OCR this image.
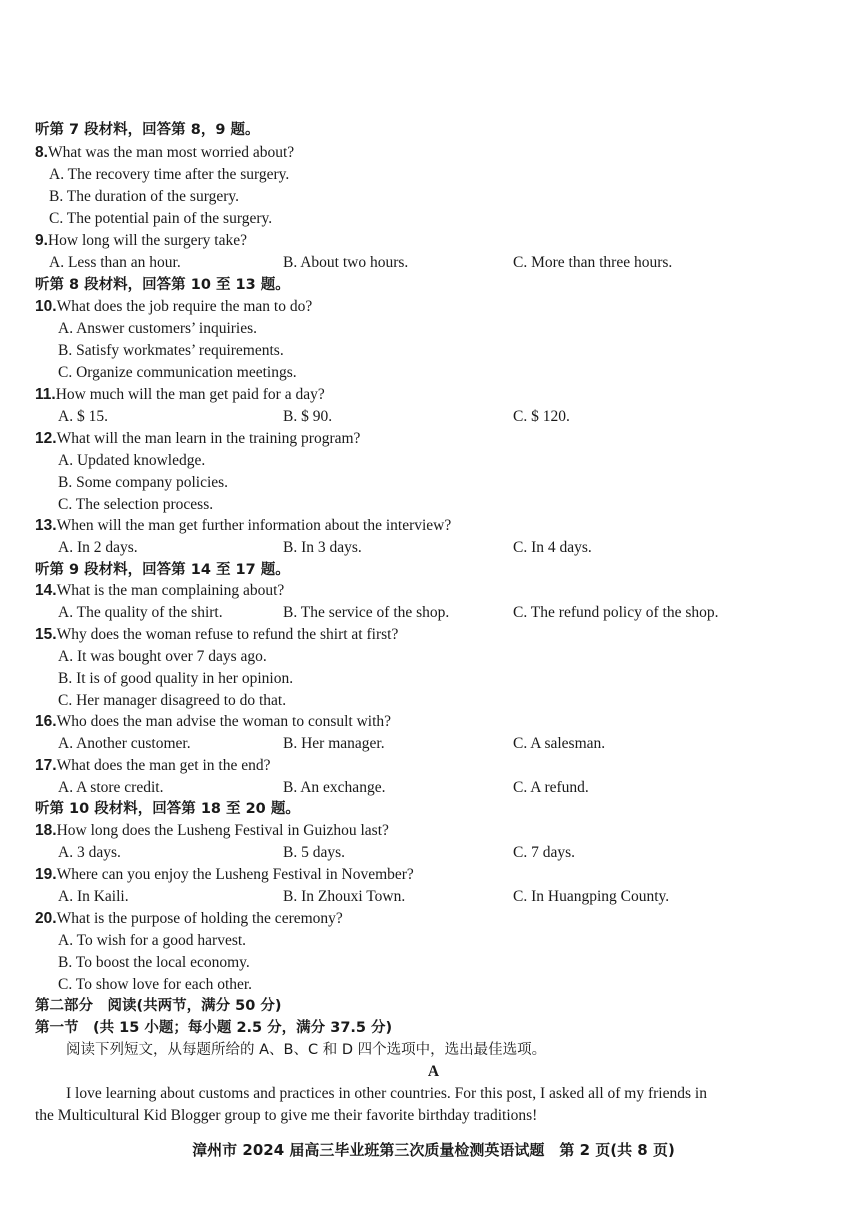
听第 7 段材料，回答第 8，9 题。
8.What was the man most worried about?
A. The recovery time after the surgery.
B. The duration of the surgery.
C. The potential pain of the surgery.
9.How long will the surgery take?
A. Less than an hour.	B. About two hours.	C. More than three hours.
听第 8 段材料，回答第 10 至 13 题。
10.What does the job require the man to do?
A. Answer customers’ inquiries.
B. Satisfy workmates’ requirements.
C. Organize communication meetings.
11.How much will the man get paid for a day?
A. $ 15.	B. $ 90.	C. $ 120.
12.What will the man learn in the training program?
A. Updated knowledge.
B. Some company policies.
C. The selection process.
13.When will the man get further information about the interview?
A. In 2 days.	B. In 3 days.	C. In 4 days.
听第 9 段材料，回答第 14 至 17 题。
14.What is the man complaining about?
A. The quality of the shirt.	B. The service of the shop.	C. The refund policy of the shop.
15.Why does the woman refuse to refund the shirt at first?
A. It was bought over 7 days ago.
B. It is of good quality in her opinion.
C. Her manager disagreed to do that.
16.Who does the man advise the woman to consult with?
A. Another customer.	B. Her manager.	C. A salesman.
17.What does the man get in the end?
A. A store credit.	B. An exchange.	C. A refund.
听第 10 段材料，回答第 18 至 20 题。
18.How long does the Lusheng Festival in Guizhou last?
A. 3 days.	B. 5 days.	C. 7 days.
19.Where can you enjoy the Lusheng Festival in November?
A. In Kaili.	B. In Zhouxi Town.	C. In Huangping County.
20.What is the purpose of holding the ceremony?
A. To wish for a good harvest.
B. To boost the local economy.
C. To show love for each other.
第二部分　阅读(共两节，满分 50 分)
第一节　(共 15 小题；每小题 2.5 分，满分 37.5 分)
阅读下列短文，从每题所给的 A、B、C 和 D 四个选项中，选出最佳选项。
A
I love learning about customs and practices in other countries. For this post, I asked all of my friends in
the Multicultural Kid Blogger group to give me their favorite birthday traditions!
漳州市 2024 届高三毕业班第三次质量检测英语试题　第 2 页(共 8 页)
